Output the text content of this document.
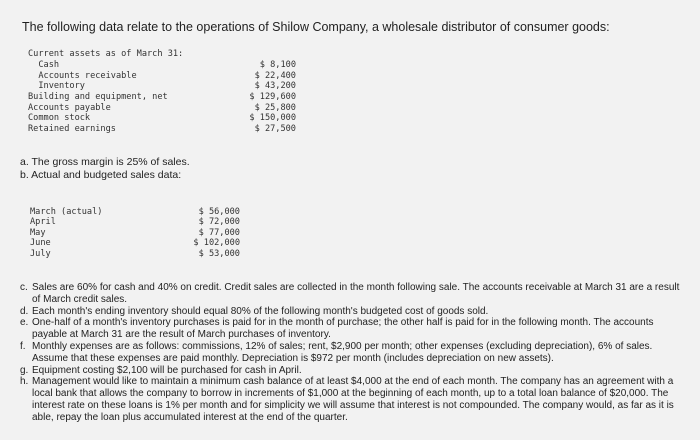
The following data relate to the operations of Shilow Company, a wholesale distributor of consumer goods:
Current assets as of March 31:
Cash	$ 8,100
Accounts receivable	$ 22,400
Inventory	$ 43,200
Building and equipment, net	$ 129,600
Accounts payable	$ 25,800
Common stock	$ 150,000
Retained earnings	$ 27,500
a. The gross margin is 25% of sales.
b. Actual and budgeted sales data:
March (actual)	$ 56,000
April	$ 72,000
May	$ 77,000
June	$ 102,000
July	$ 53,000
c. Sales are 60% for cash and 40% on credit. Credit sales are collected in the month following sale. The accounts receivable at March 31 are a result of March credit sales.
d. Each month's ending inventory should equal 80% of the following month's budgeted cost of goods sold.
e. One-half of a month's inventory purchases is paid for in the month of purchase; the other half is paid for in the following month. The accounts payable at March 31 are the result of March purchases of inventory.
f. Monthly expenses are as follows: commissions, 12% of sales; rent, $2,900 per month; other expenses (excluding depreciation), 6% of sales. Assume that these expenses are paid monthly. Depreciation is $972 per month (includes depreciation on new assets).
g. Equipment costing $2,100 will be purchased for cash in April.
h. Management would like to maintain a minimum cash balance of at least $4,000 at the end of each month. The company has an agreement with a local bank that allows the company to borrow in increments of $1,000 at the beginning of each month, up to a total loan balance of $20,000. The interest rate on these loans is 1% per month and for simplicity we will assume that interest is not compounded. The company would, as far as it is able, repay the loan plus accumulated interest at the end of the quarter.
